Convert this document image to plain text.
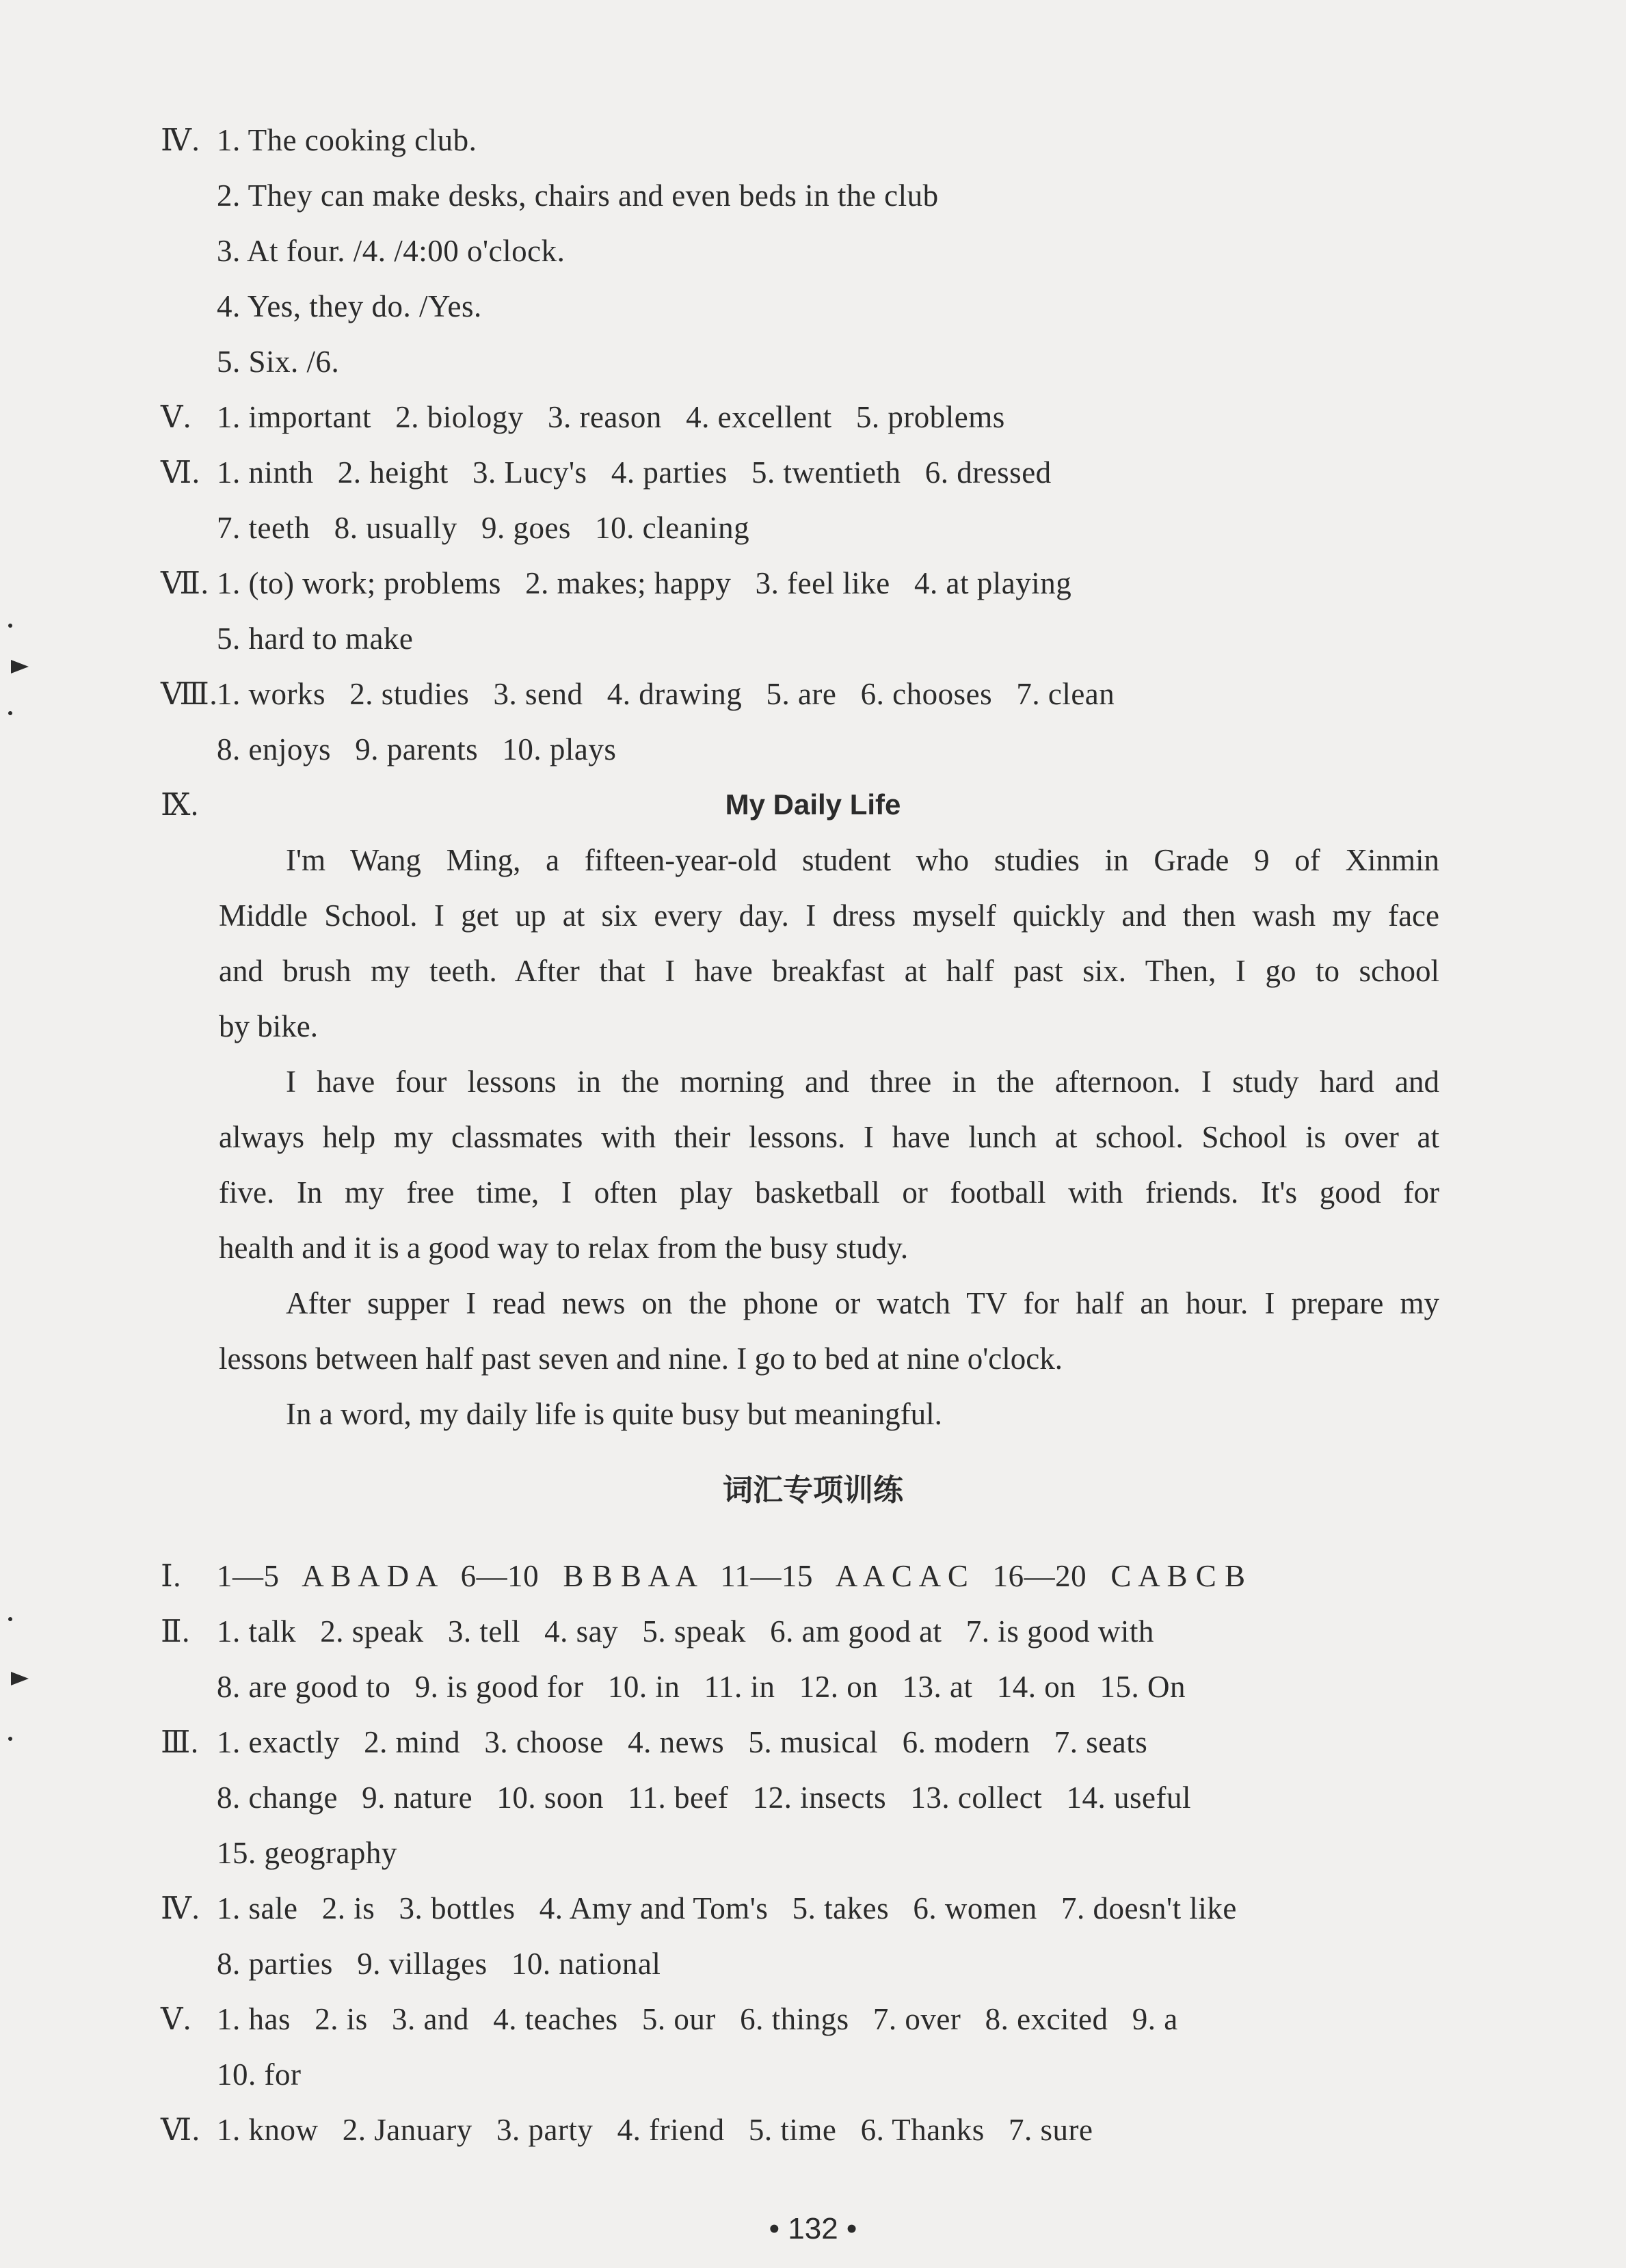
Ⅳ. 1. The cooking club.
2. They can make desks, chairs and even beds in the club
3. At four. /4. /4:00 o'clock.
4. Yes, they do. /Yes.
5. Six. /6.
Ⅴ. 1. important   2. biology   3. reason   4. excellent   5. problems
Ⅵ. 1. ninth   2. height   3. Lucy's   4. parties   5. twentieth   6. dressed
7. teeth   8. usually   9. goes   10. cleaning
Ⅶ. 1. (to) work; problems   2. makes; happy   3. feel like   4. at playing
5. hard to make
Ⅷ.
1. works   2. studies   3. send   4. drawing   5. are   6. chooses   7. clean
8. enjoys   9. parents   10. plays
Ⅸ.	My Daily Life
I'm Wang Ming, a fifteen-year-old student who studies in Grade 9 of Xinmin
Middle School. I get up at six every day. I dress myself quickly and then wash my face
and brush my teeth. After that I have breakfast at half past six. Then, I go to school
by bike.
I have four lessons in the morning and three in the afternoon. I study hard and
always help my classmates with their lessons. I have lunch at school. School is over at
five. In my free time, I often play basketball or football with friends. It's good for
health and it is a good way to relax from the busy study.
After supper I read news on the phone or watch TV for half an hour. I prepare my
lessons between half past seven and nine. I go to bed at nine o'clock.
In a word, my daily life is quite busy but meaningful.
词汇专项训练
Ⅰ. 1—5   A B A D A   6—10   B B B A A   11—15   A A C A C   16—20   C A B C B
Ⅱ. 1. talk   2. speak   3. tell   4. say   5. speak   6. am good at   7. is good with
8. are good to   9. is good for   10. in   11. in   12. on   13. at   14. on   15. On
Ⅲ. 1. exactly   2. mind   3. choose   4. news   5. musical   6. modern   7. seats
8. change   9. nature   10. soon   11. beef   12. insects   13. collect   14. useful
15. geography
Ⅳ. 1. sale   2. is   3. bottles   4. Amy and Tom's   5. takes   6. women   7. doesn't like
8. parties   9. villages   10. national
Ⅴ. 1. has   2. is   3. and   4. teaches   5. our   6. things   7. over   8. excited   9. a
10. for
Ⅵ. 1. know   2. January   3. party   4. friend   5. time   6. Thanks   7. sure
• 132 •
